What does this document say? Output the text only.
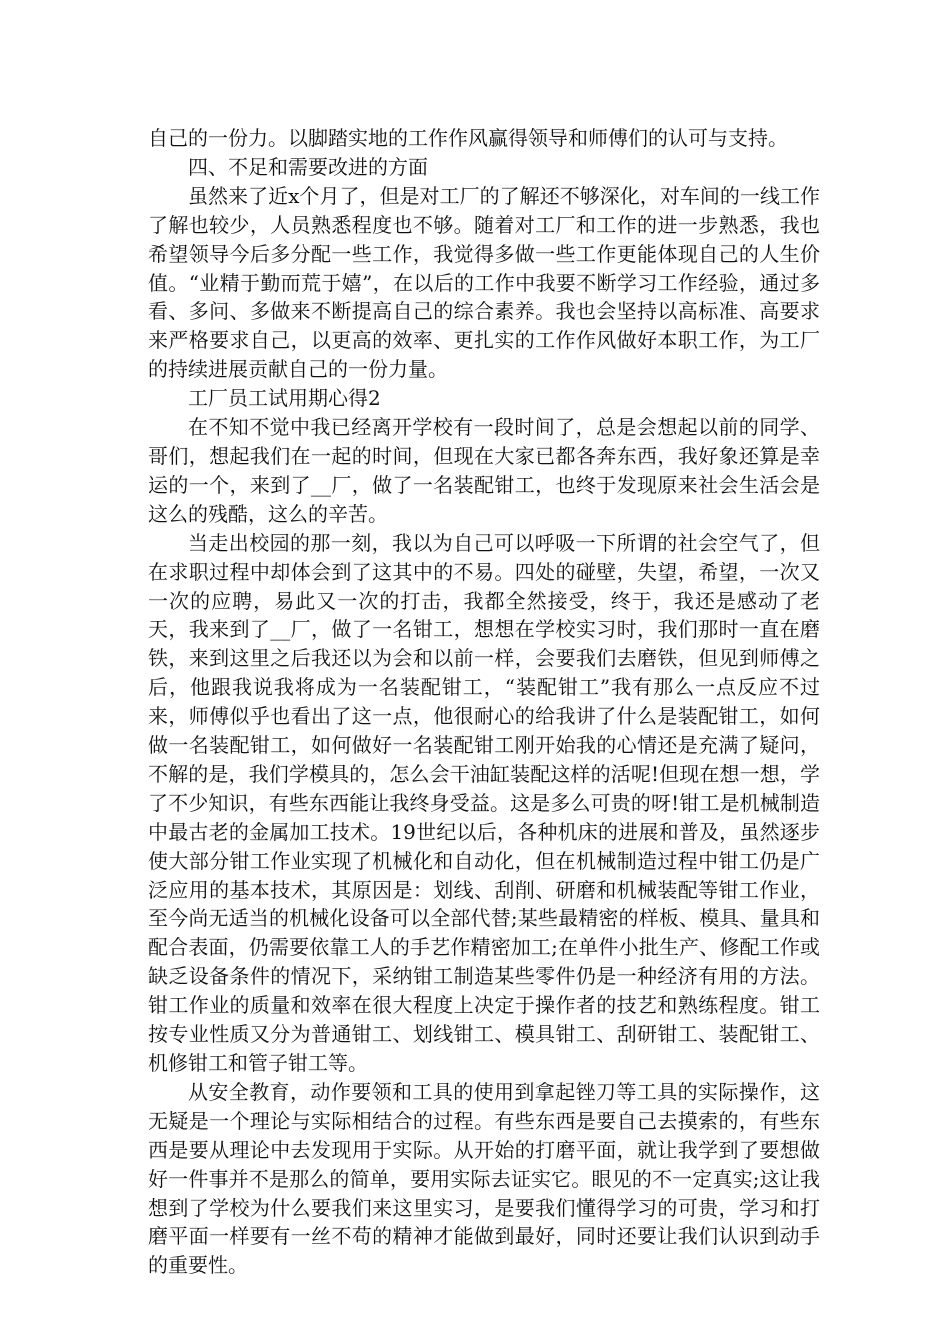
自己的一份力。以脚踏实地的工作作风赢得领导和师傅们的认可与支持。

四、不足和需要改进的方面

虽然来了近x个月了，但是对工厂的了解还不够深化，对车间的一线工作了解也较少，人员熟悉程度也不够。随着对工厂和工作的进一步熟悉，我也希望领导今后多分配一些工作，我觉得多做一些工作更能体现自己的人生价值。“业精于勤而荒于嬉”，在以后的工作中我要不断学习工作经验，通过多看、多问、多做来不断提高自己的综合素养。我也会坚持以高标准、高要求来严格要求自己，以更高的效率、更扎实的工作作风做好本职工作，为工厂的持续进展贡献自己的一份力量。

工厂员工试用期心得2

在不知不觉中我已经离开学校有一段时间了，总是会想起以前的同学、哥们，想起我们在一起的时间，但现在大家已都各奔东西，我好象还算是幸运的一个，来到了__厂，做了一名装配钳工，也终于发现原来社会生活会是这么的残酷，这么的辛苦。

当走出校园的那一刻，我以为自己可以呼吸一下所谓的社会空气了，但在求职过程中却体会到了这其中的不易。四处的碰壁，失望，希望，一次又一次的应聘，易此又一次的打击，我都全然接受，终于，我还是感动了老天，我来到了__厂，做了一名钳工，想想在学校实习时，我们那时一直在磨铁，来到这里之后我还以为会和以前一样，会要我们去磨铁，但见到师傅之后，他跟我说我将成为一名装配钳工，“装配钳工”我有那么一点反应不过来，师傅似乎也看出了这一点，他很耐心的给我讲了什么是装配钳工，如何做一名装配钳工，如何做好一名装配钳工刚开始我的心情还是充满了疑问，不解的是，我们学模具的，怎么会干油缸装配这样的活呢!但现在想一想，学了不少知识，有些东西能让我终身受益。这是多么可贵的呀!钳工是机械制造中最古老的金属加工技术。19世纪以后，各种机床的进展和普及，虽然逐步使大部分钳工作业实现了机械化和自动化，但在机械制造过程中钳工仍是广泛应用的基本技术，其原因是：划线、刮削、研磨和机械装配等钳工作业，至今尚无适当的机械化设备可以全部代替;某些最精密的样板、模具、量具和配合表面，仍需要依靠工人的手艺作精密加工;在单件小批生产、修配工作或缺乏设备条件的情况下，采纳钳工制造某些零件仍是一种经济有用的方法。钳工作业的质量和效率在很大程度上决定于操作者的技艺和熟练程度。钳工按专业性质又分为普通钳工、划线钳工、模具钳工、刮研钳工、装配钳工、机修钳工和管子钳工等。

从安全教育，动作要领和工具的使用到拿起锉刀等工具的实际操作，这无疑是一个理论与实际相结合的过程。有些东西是要自己去摸索的，有些东西是要从理论中去发现用于实际。从开始的打磨平面，就让我学到了要想做好一件事并不是那么的简单，要用实际去证实它。眼见的不一定真实;这让我想到了学校为什么要我们来这里实习，是要我们懂得学习的可贵，学习和打磨平面一样要有一丝不苟的精神才能做到最好，同时还要让我们认识到动手的重要性。
